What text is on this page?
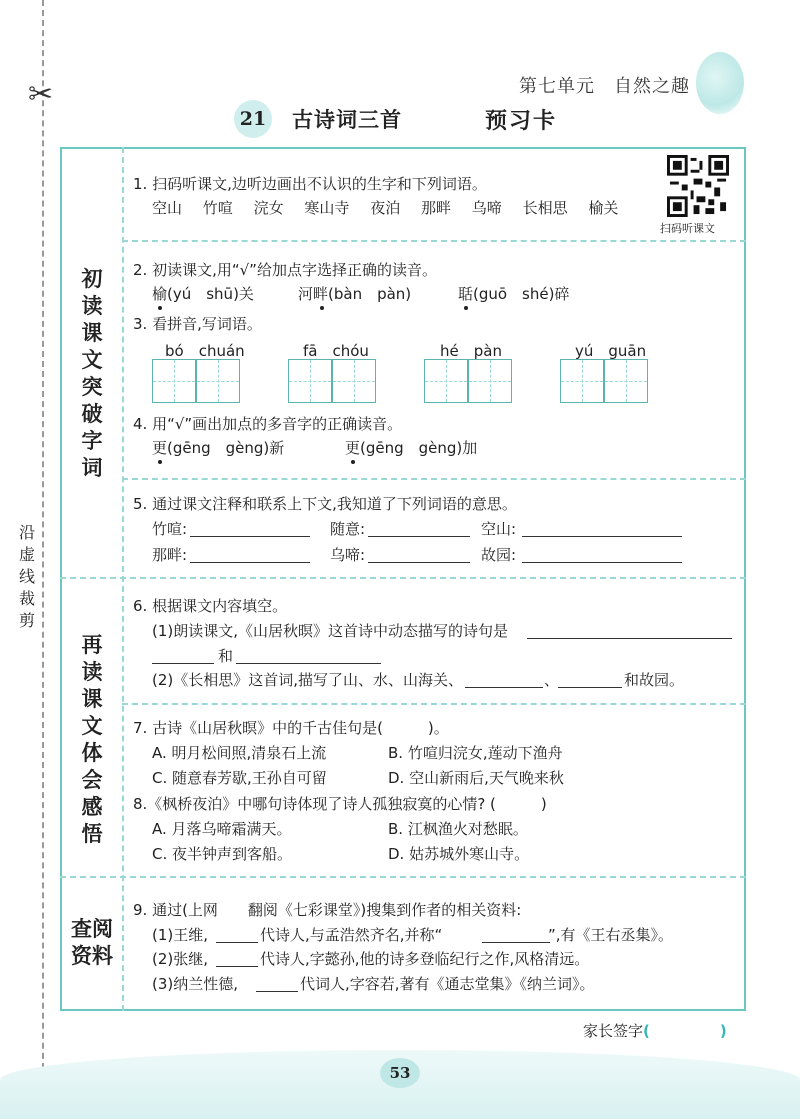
✂
沿虚线裁剪
第七单元　自然之趣
21 古诗词三首	预习卡
初读课文　突破字词
再读课文　体会感悟
查阅资料
扫码听课文
1. 扫码听课文,边听边画出不认识的生字和下列词语。
空山 竹喧 浣女 寒山寺 夜泊 那畔 乌啼 长相思 榆关
2. 初读课文,用“√”给加点字选择正确的读音。
榆(yú　shū)关	河畔(bàn　pàn)	聒(guō　shé)碎
3. 看拼音,写词语。
bó　chuán	fā　chóu	hé　pàn	yú　guān
4. 用“√”画出加点的多音字的正确读音。
更(gēng　gèng)新	更(gēng　gèng)加
5. 通过课文注释和联系上下文,我知道了下列词语的意思。
竹喧:	随意:	空山:
那畔:	乌啼:	故园:
6. 根据课文内容填空。
(1)朗读课文,《山居秋暝》这首诗中动态描写的诗句是
和
(2)《长相思》这首词,描写了山、水、山海关、	、	和故园。
7. 古诗《山居秋暝》中的千古佳句是(　　　)。
A. 明月松间照,清泉石上流	B. 竹喧归浣女,莲动下渔舟
C. 随意春芳歇,王孙自可留	D. 空山新雨后,天气晚来秋
8.《枫桥夜泊》中哪句诗体现了诗人孤独寂寞的心情? (　　　)
A. 月落乌啼霜满天。	B. 江枫渔火对愁眠。
C. 夜半钟声到客船。	D. 姑苏城外寒山寺。
9. 通过(上网　　翻阅《七彩课堂》)搜集到作者的相关资料:
(1)王维,	代诗人,与孟浩然齐名,并称“	”,有《王右丞集》。
(2)张继,	代诗人,字懿孙,他的诗多登临纪行之作,风格清远。
(3)纳兰性德,	代词人,字容若,著有《通志堂集》《纳兰词》。
家长签字(	)
53
